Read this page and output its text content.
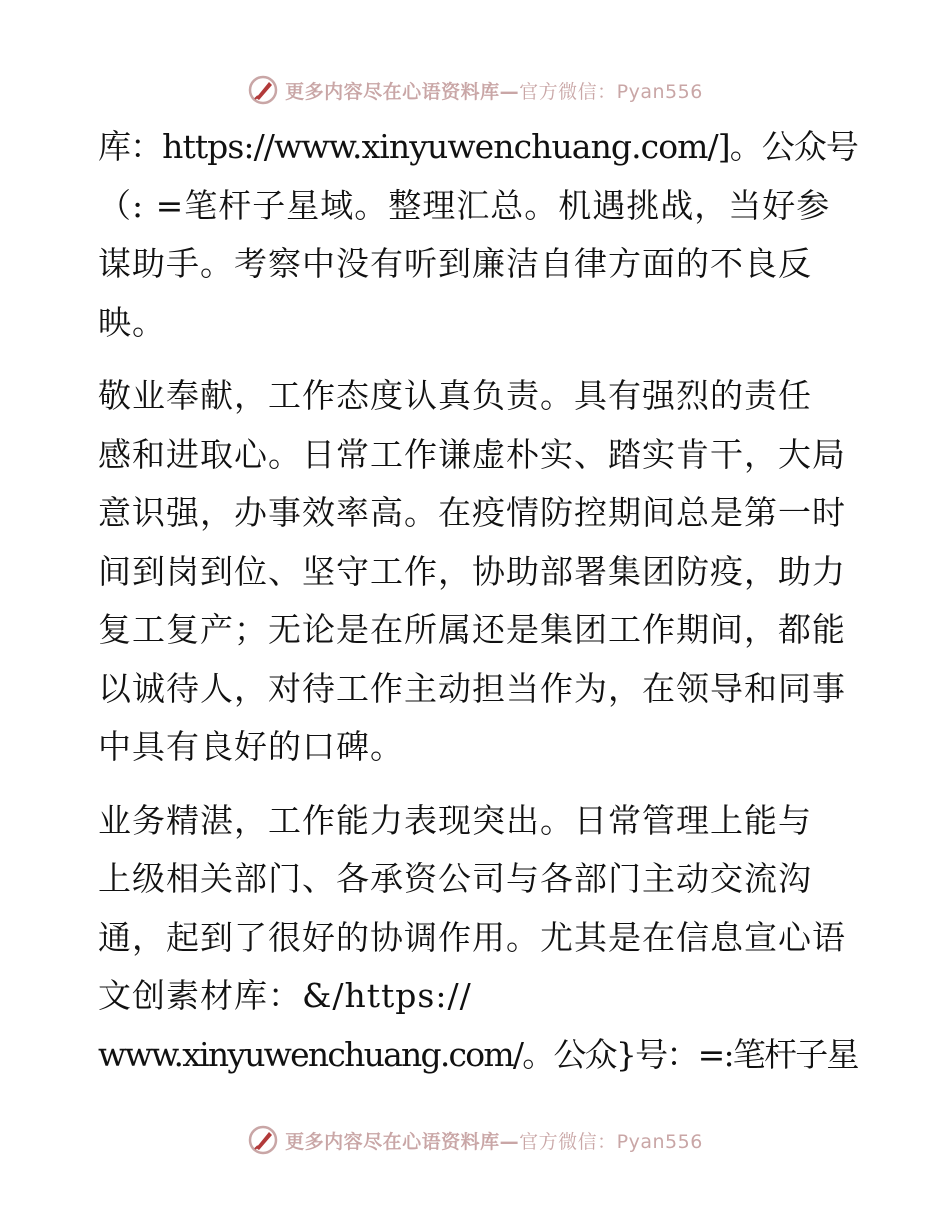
更多内容尽在心语资料库—官方微信：Pyan556

库：https://www.xinyuwenchuang.com/]。公众号
（: =笔杆子星域。整理汇总。机遇挑战，当好参
谋助手。考察中没有听到廉洁自律方面的不良反
映。

敬业奉献，工作态度认真负责。具有强烈的责任
感和进取心。日常工作谦虚朴实、踏实肯干，大局
意识强，办事效率高。在疫情防控期间总是第一时
间到岗到位、坚守工作，协助部署集团防疫，助力
复工复产；无论是在所属还是集团工作期间，都能
以诚待人，对待工作主动担当作为，在领导和同事
中具有良好的口碑。

业务精湛，工作能力表现突出。日常管理上能与
上级相关部门、各承资公司与各部门主动交流沟
通，起到了很好的协调作用。尤其是在信息宣心语
文创素材库：&/https://
www.xinyuwenchuang.com/。公众}号：=:笔杆子星

更多内容尽在心语资料库—官方微信：Pyan556
